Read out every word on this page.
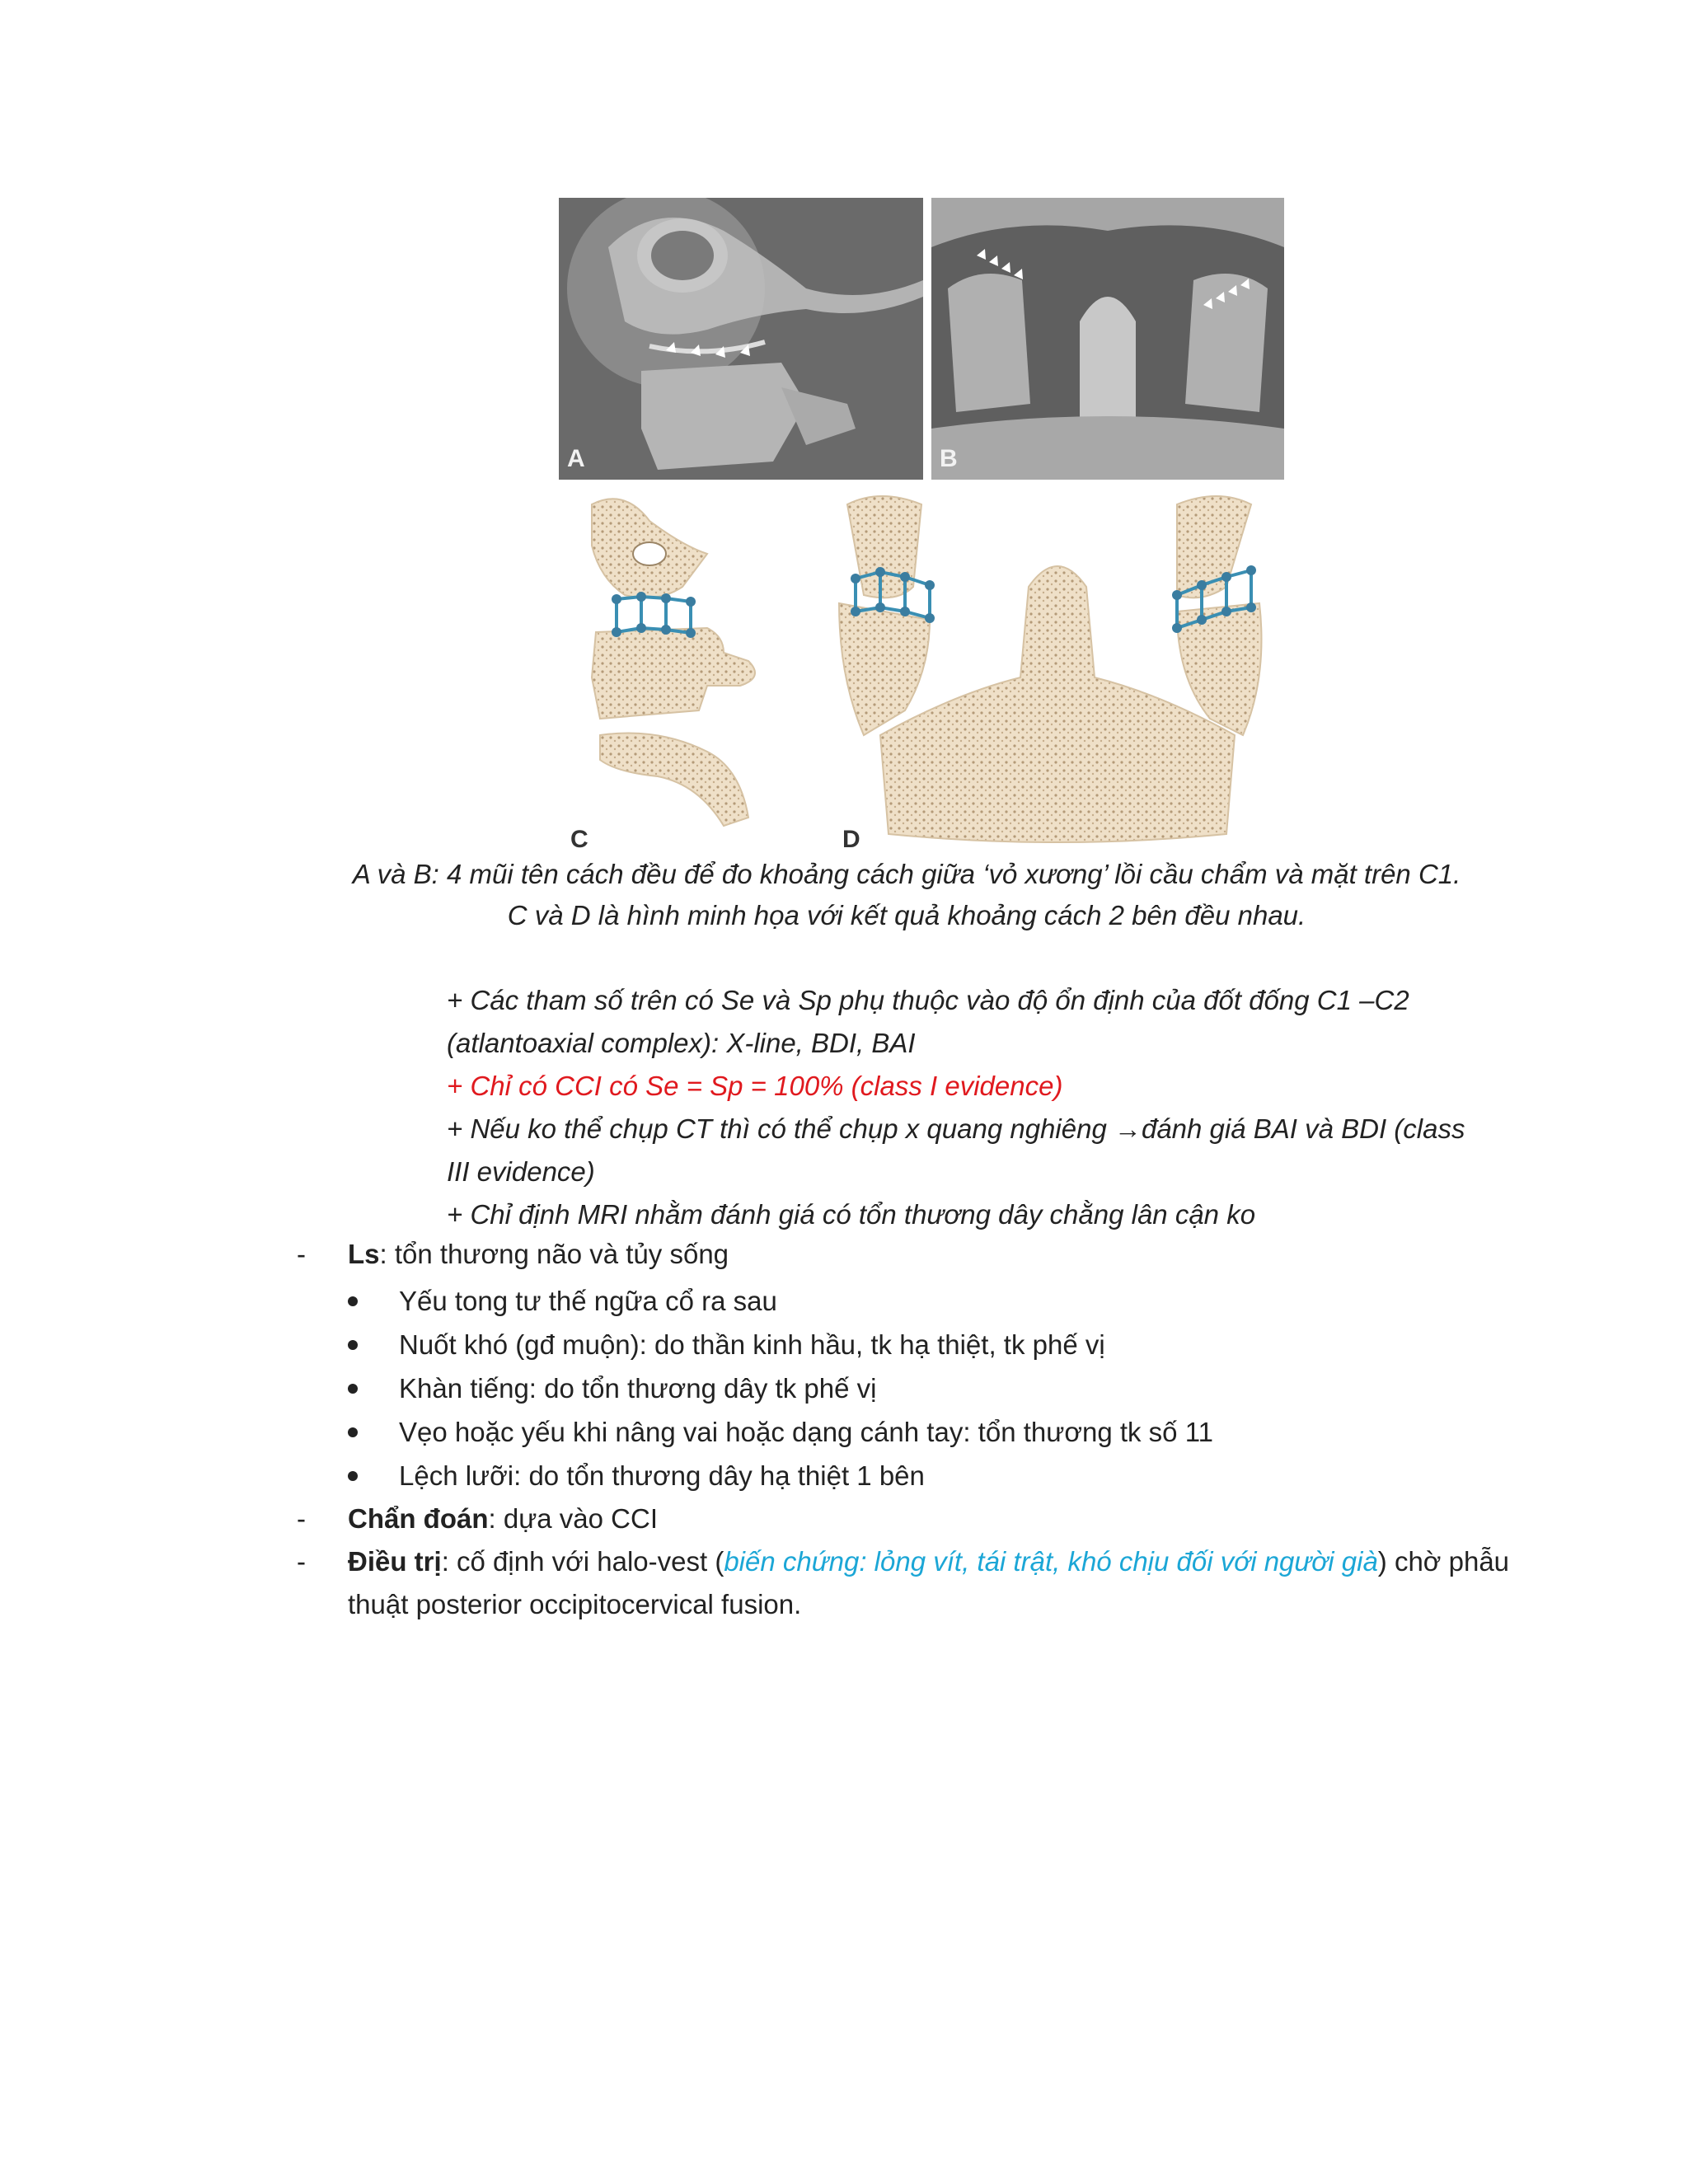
A	B
C	D
A và B: 4 mũi tên cách đều để đo khoảng cách giữa ‘vỏ xương’ lồi cầu chẩm và mặt trên C1.
C và D là hình minh họa với kết quả khoảng cách 2 bên đều nhau.

+ Các tham số trên có Se và Sp phụ thuộc vào độ ổn định của đốt đống C1 –C2 (atlantoaxial complex): X-line, BDI, BAI

+ Chỉ có CCI có Se = Sp = 100% (class I evidence)

+ Nếu ko thể chụp CT thì có thể chụp x quang nghiêng →đánh giá BAI và BDI (class III evidence)

+ Chỉ định MRI nhằm đánh giá có tổn thương dây chằng lân cận ko

- Ls: tổn thương não và tủy sống
Yếu tong tư thế ngữa cổ ra sau
Nuốt khó (gđ muộn): do thần kinh hầu, tk hạ thiệt, tk phế vị
Khàn tiếng: do tổn thương dây tk phế vị
Vẹo hoặc yếu khi nâng vai hoặc dạng cánh tay: tổn thương tk số 11
Lệch lưỡi: do tổn thương dây hạ thiệt 1 bên
- Chẩn đoán: dựa vào CCI
- Điều trị: cố định với halo-vest (biến chứng: lỏng vít, tái trật, khó chịu đối với người già) chờ phẫu thuật posterior occipitocervical fusion.
